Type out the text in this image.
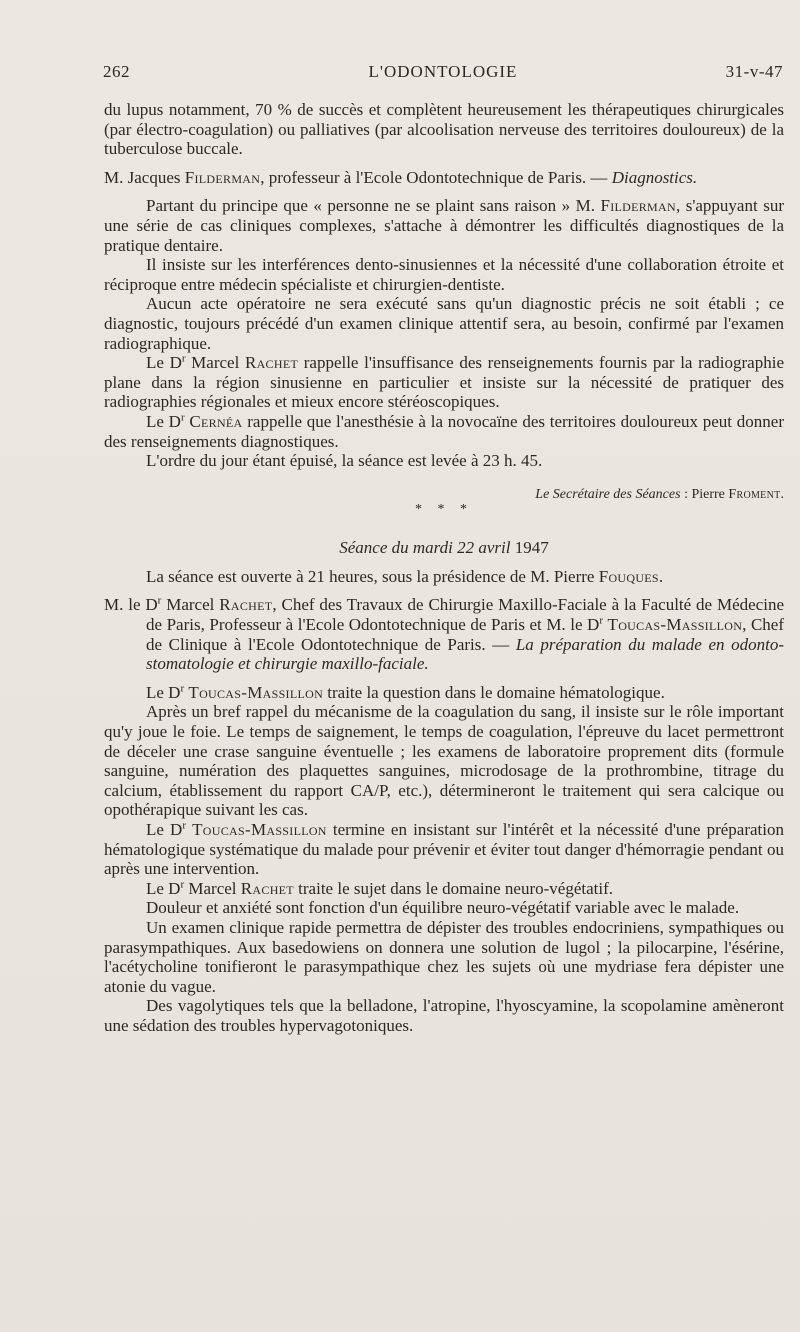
262	L'ODONTOLOGIE	31-v-47

du lupus notamment, 70 % de succès et complètent heureusement les thérapeutiques chirurgicales (par électro-coagulation) ou palliatives (par alcoolisation nerveuse des territoires douloureux) de la tuberculose buccale.

M. Jacques Filderman, professeur à l'Ecole Odontotechnique de Paris. — Diagnostics.

Partant du principe que « personne ne se plaint sans raison » M. Filderman, s'appuyant sur une série de cas cliniques complexes, s'attache à démontrer les difficultés diagnostiques de la pratique dentaire.

Il insiste sur les interférences dento-sinusiennes et la nécessité d'une collaboration étroite et réciproque entre médecin spécialiste et chirurgien-dentiste.

Aucun acte opératoire ne sera exécuté sans qu'un diagnostic précis ne soit établi ; ce diagnostic, toujours précédé d'un examen clinique attentif sera, au besoin, confirmé par l'examen radiographique.

Le $D^r$ Marcel Rachet rappelle l'insuffisance des renseignements fournis par la radiographie plane dans la région sinusienne en particulier et insiste sur la nécessité de pratiquer des radiographies régionales et mieux encore stéréoscopiques.

Le $D^r$ Cernéa rappelle que l'anesthésie à la novocaïne des territoires douloureux peut donner des renseignements diagnostiques.

L'ordre du jour étant épuisé, la séance est levée à 23 h. 45.

Le Secrétaire des Séances : Pierre Froment.

* * *

Séance du mardi 22 avril 1947

La séance est ouverte à 21 heures, sous la présidence de M. Pierre Fouques.

M. le $D^r$ Marcel Rachet, Chef des Travaux de Chirurgie Maxillo-Faciale à la Faculté de Médecine de Paris, Professeur à l'Ecole Odontotechnique de Paris et M. le $D^r$ Toucas-Massillon, Chef de Clinique à l'Ecole Odontotechnique de Paris. — La préparation du malade en odonto-stomatologie et chirurgie maxillo-faciale.

Le $D^r$ Toucas-Massillon traite la question dans le domaine hématologique.

Après un bref rappel du mécanisme de la coagulation du sang, il insiste sur le rôle important qu'y joue le foie. Le temps de saignement, le temps de coagulation, l'épreuve du lacet permettront de déceler une crase sanguine éventuelle ; les examens de laboratoire proprement dits (formule sanguine, numération des plaquettes sanguines, microdosage de la prothrombine, titrage du calcium, établissement du rapport CA/P, etc.), détermineront le traitement qui sera calcique ou opothérapique suivant les cas.

Le $D^r$ Toucas-Massillon termine en insistant sur l'intérêt et la nécessité d'une préparation hématologique systématique du malade pour prévenir et éviter tout danger d'hémorragie pendant ou après une intervention.

Le $D^r$ Marcel Rachet traite le sujet dans le domaine neuro-végétatif.

Douleur et anxiété sont fonction d'un équilibre neuro-végétatif variable avec le malade.

Un examen clinique rapide permettra de dépister des troubles endocriniens, sympathiques ou parasympathiques. Aux basedowiens on donnera une solution de lugol ; la pilocarpine, l'ésérine, l'acétycholine tonifieront le parasympathique chez les sujets où une mydriase fera dépister une atonie du vague.

Des vagolytiques tels que la belladone, l'atropine, l'hyoscyamine, la scopolamine amèneront une sédation des troubles hypervagotoniques.
